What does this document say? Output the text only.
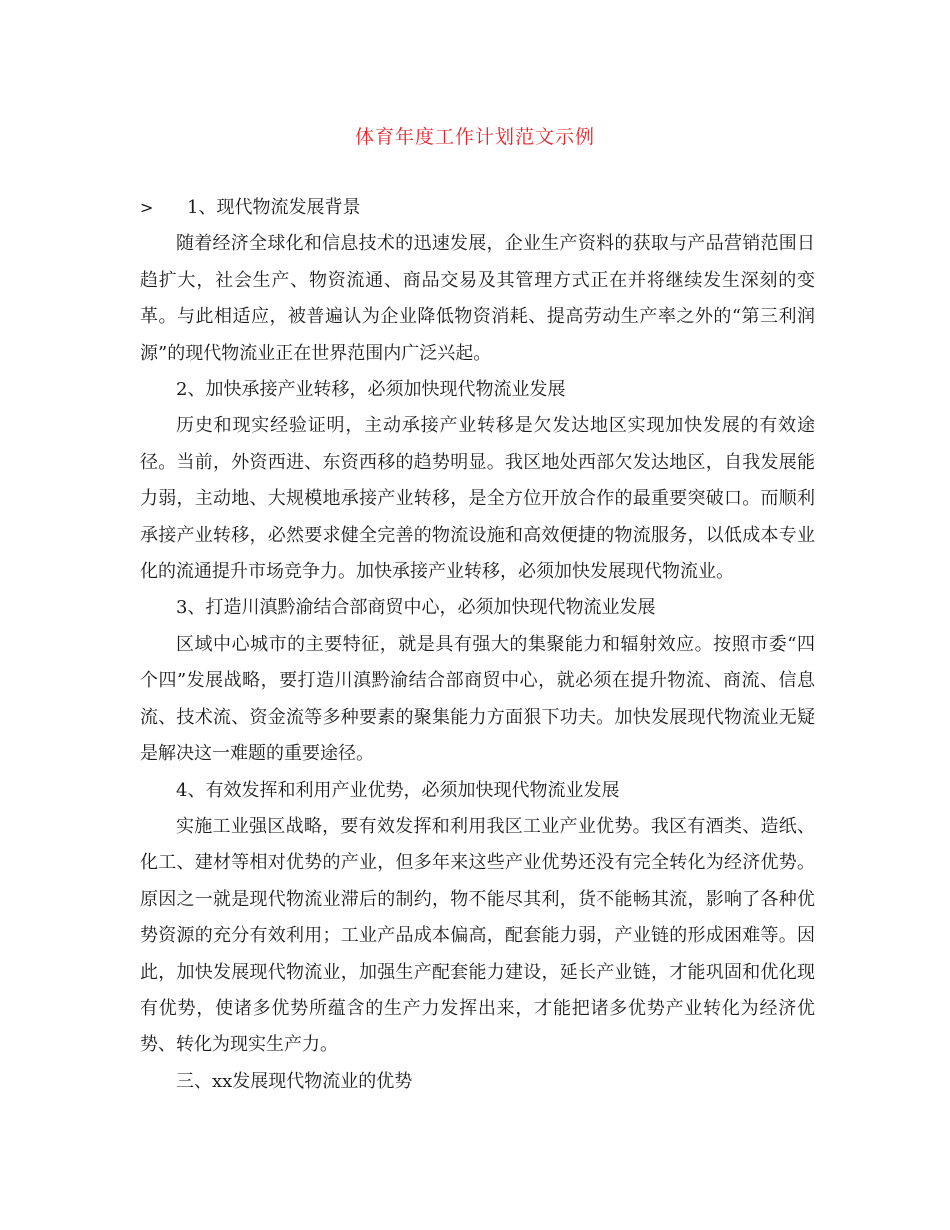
体育年度工作计划范文示例

> 1、现代物流发展背景

随着经济全球化和信息技术的迅速发展，企业生产资料的获取与产品营销范围日趋扩大，社会生产、物资流通、商品交易及其管理方式正在并将继续发生深刻的变革。与此相适应，被普遍认为企业降低物资消耗、提高劳动生产率之外的“第三利润源”的现代物流业正在世界范围内广泛兴起。

2、加快承接产业转移，必须加快现代物流业发展

历史和现实经验证明，主动承接产业转移是欠发达地区实现加快发展的有效途径。当前，外资西进、东资西移的趋势明显。我区地处西部欠发达地区，自我发展能力弱，主动地、大规模地承接产业转移，是全方位开放合作的最重要突破口。而顺利承接产业转移，必然要求健全完善的物流设施和高效便捷的物流服务，以低成本专业化的流通提升市场竞争力。加快承接产业转移，必须加快发展现代物流业。

3、打造川滇黔渝结合部商贸中心，必须加快现代物流业发展

区域中心城市的主要特征，就是具有强大的集聚能力和辐射效应。按照市委“四个四”发展战略，要打造川滇黔渝结合部商贸中心，就必须在提升物流、商流、信息流、技术流、资金流等多种要素的聚集能力方面狠下功夫。加快发展现代物流业无疑是解决这一难题的重要途径。

4、有效发挥和利用产业优势，必须加快现代物流业发展

实施工业强区战略，要有效发挥和利用我区工业产业优势。我区有酒类、造纸、化工、建材等相对优势的产业，但多年来这些产业优势还没有完全转化为经济优势。原因之一就是现代物流业滞后的制约，物不能尽其利，货不能畅其流，影响了各种优势资源的充分有效利用；工业产品成本偏高，配套能力弱，产业链的形成困难等。因此，加快发展现代物流业，加强生产配套能力建设，延长产业链，才能巩固和优化现有优势，使诸多优势所蕴含的生产力发挥出来，才能把诸多优势产业转化为经济优势、转化为现实生产力。

三、xx发展现代物流业的优势
